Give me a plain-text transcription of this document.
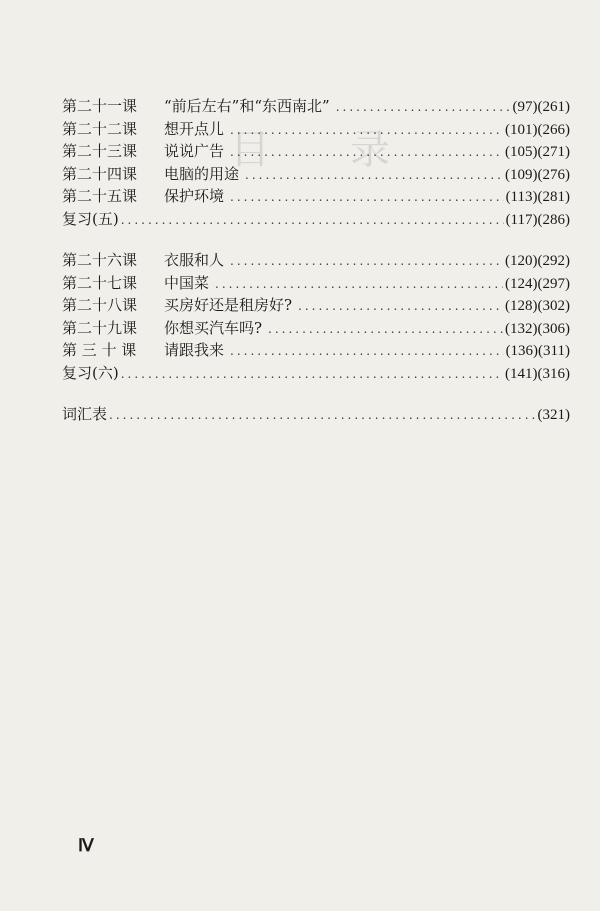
目　录
第二十一课	“前后左右”和“东西南北” .....	(97)(261)
第二十二课	想开点儿 .....	(101)(266)
第二十三课	说说广告 .....	(105)(271)
第二十四课	电脑的用途 .....	(109)(276)
第二十五课	保护环境 .....	(113)(281)
复习(五) .....	(117)(286)
第二十六课	衣服和人 .....	(120)(292)
第二十七课	中国菜 .....	(124)(297)
第二十八课	买房好还是租房好? .....	(128)(302)
第二十九课	你想买汽车吗? .....	(132)(306)
第 三 十 课	请跟我来 .....	(136)(311)
复习(六) .....	(141)(316)
词汇表 .....	(321)
Ⅳ
